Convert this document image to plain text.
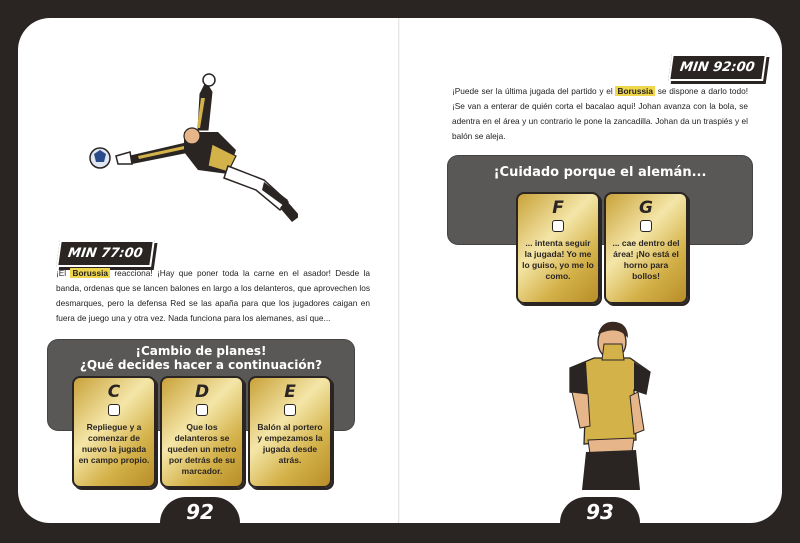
MIN 77:00
¡El Borussia reacciona! ¡Hay que poner toda la carne en el asador! Desde la banda, ordenas que se lancen balones en largo a los delanteros, que aprovechen los desmarques, pero la defensa Red se las apaña para que los jugadores caigan en fuera de juego una y otra vez. Nada funciona para los alemanes, así que...
¡Cambio de planes!
¿Qué decides hacer a continuación?
C
Repliegue y a comenzar de nuevo la jugada en campo propio.
D
Que los delanteros se queden un metro por detrás de su marcador.
E
Balón al portero y empezamos la jugada desde atrás.
92
MIN 92:00
¡Puede ser la última jugada del partido y el Borussia se dispone a darlo todo! ¡Se van a enterar de quién corta el bacalao aquí! Johan avanza con la bola, se adentra en el área y un contrario le pone la zancadilla. Johan da un traspiés y el balón se aleja.
¡Cuidado porque el alemán...
F
... intenta seguir la jugada! Yo me lo guiso, yo me lo como.
G
... cae dentro del área! ¡No está el horno para bollos!
93
